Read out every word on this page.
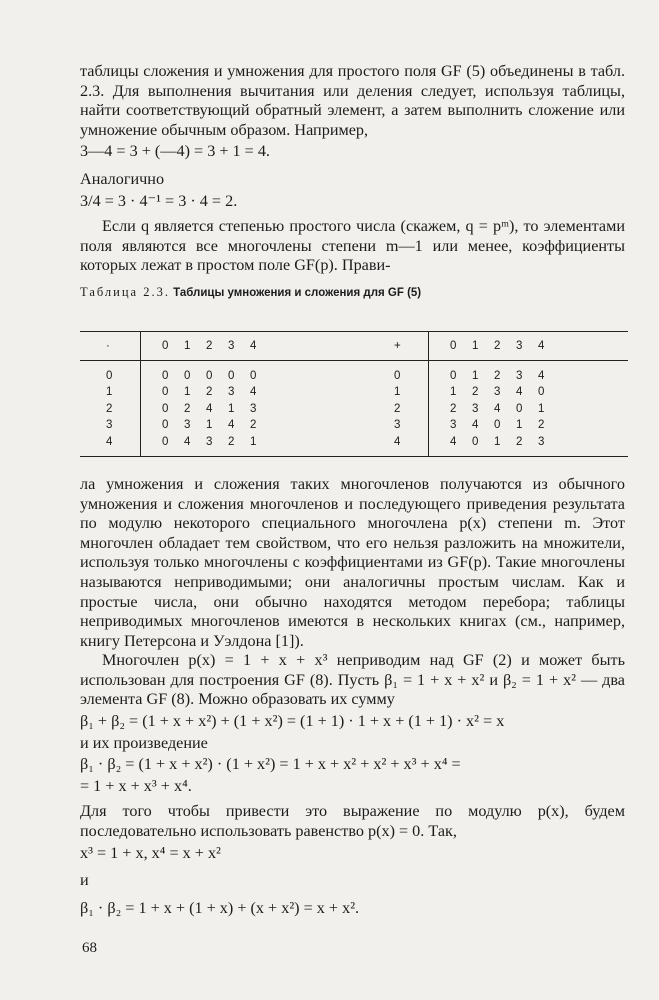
таблицы сложения и умножения для простого поля GF (5) объединены в табл. 2.3. Для выполнения вычитания или деления следует, используя таблицы, найти соответствующий обратный элемент, а затем выполнить сложение или умножение обычным образом. Например,

3—4 = 3 + (—4) = 3 + 1 = 4.

Аналогично

3/4 = 3 · 4⁻¹ = 3 · 4 = 2.

Если q является степенью простого числа (скажем, q = pᵐ), то элементами поля являются все многочлены степени m—1 или менее, коэффициенты которых лежат в простом поле GF(p). Прави-

Таблица 2.3. Таблицы умножения и сложения для GF (5)

·	0 1 2 3 4
0	0 0 0 0 0
1	0 1 2 3 4
2	0 2 4 1 3
3	0 3 1 4 2
4	0 4 3 2 1
+	0 1 2 3 4
0	0 1 2 3 4
1	1 2 3 4 0
2	2 3 4 0 1
3	3 4 0 1 2
4	4 0 1 2 3

ла умножения и сложения таких многочленов получаются из обычного умножения и сложения многочленов и последующего приведения результата по модулю некоторого специального многочлена p(x) степени m. Этот многочлен обладает тем свойством, что его нельзя разложить на множители, используя только многочлены с коэффициентами из GF(p). Такие многочлены называются неприводимыми; они аналогичны простым числам. Как и простые числа, они обычно находятся методом перебора; таблицы неприводимых многочленов имеются в нескольких книгах (см., например, книгу Петерсона и Уэлдона [1]).

Многочлен p(x) = 1 + x + x³ неприводим над GF (2) и может быть использован для построения GF (8). Пусть β₁ = 1 + x + x² и β₂ = 1 + x² — два элемента GF (8). Можно образовать их сумму

β₁ + β₂ = (1 + x + x²) + (1 + x²) = (1 + 1) · 1 + x + (1 + 1) · x² = x

и их произведение

β₁ · β₂ = (1 + x + x²) · (1 + x²) = 1 + x + x² + x² + x³ + x⁴ =

= 1 + x + x³ + x⁴.

Для того чтобы привести это выражение по модулю p(x), будем последовательно использовать равенство p(x) = 0. Так,

x³ = 1 + x, x⁴ = x + x²

и

β₁ · β₂ = 1 + x + (1 + x) + (x + x²) = x + x².

68
